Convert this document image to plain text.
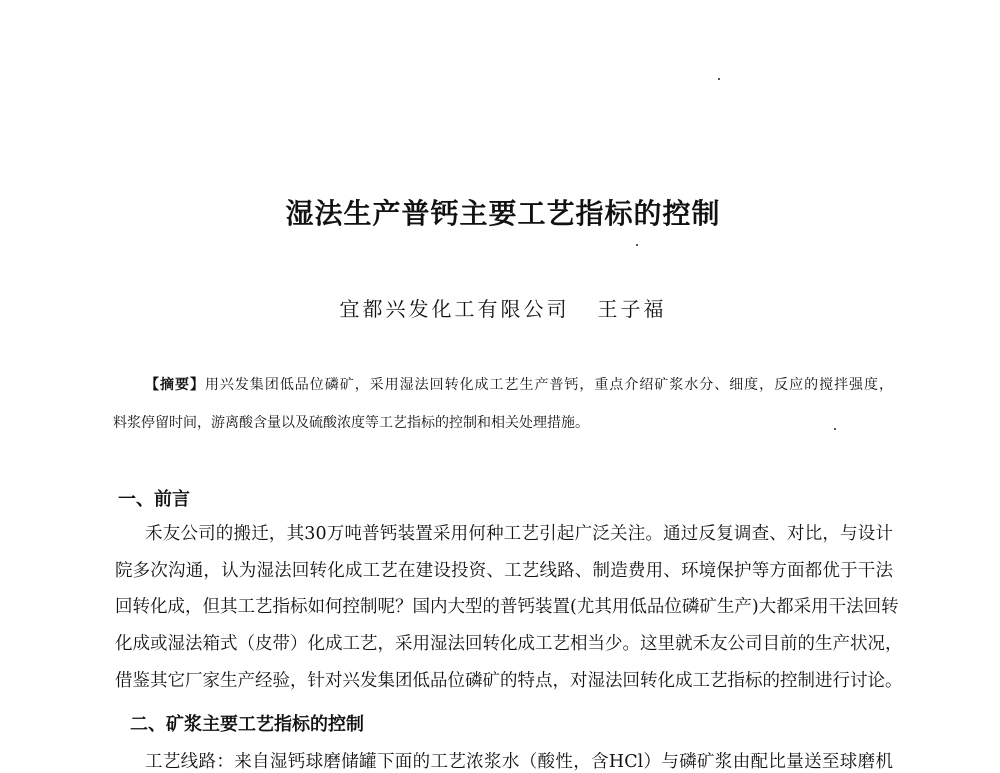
湿法生产普钙主要工艺指标的控制
宜都兴发化工有限公司 王子福
【摘要】用兴发集团低品位磷矿，采用湿法回转化成工艺生产普钙，重点介绍矿浆水分、细度，反应的搅拌强度，
料浆停留时间，游离酸含量以及硫酸浓度等工艺指标的控制和相关处理措施。
一、前言
禾友公司的搬迁，其30万吨普钙装置采用何种工艺引起广泛关注。通过反复调查、对比，与设计
院多次沟通，认为湿法回转化成工艺在建设投资、工艺线路、制造费用、环境保护等方面都优于干法
回转化成，但其工艺指标如何控制呢？国内大型的普钙装置(尤其用低品位磷矿生产)大都采用干法回转
化成或湿法箱式（皮带）化成工艺，采用湿法回转化成工艺相当少。这里就禾友公司目前的生产状况，
借鉴其它厂家生产经验，针对兴发集团低品位磷矿的特点，对湿法回转化成工艺指标的控制进行讨论。
二、矿浆主要工艺指标的控制
工艺线路：来自湿钙球磨储罐下面的工艺浓浆水（酸性，含HCl）与磷矿浆由配比量送至球磨机
